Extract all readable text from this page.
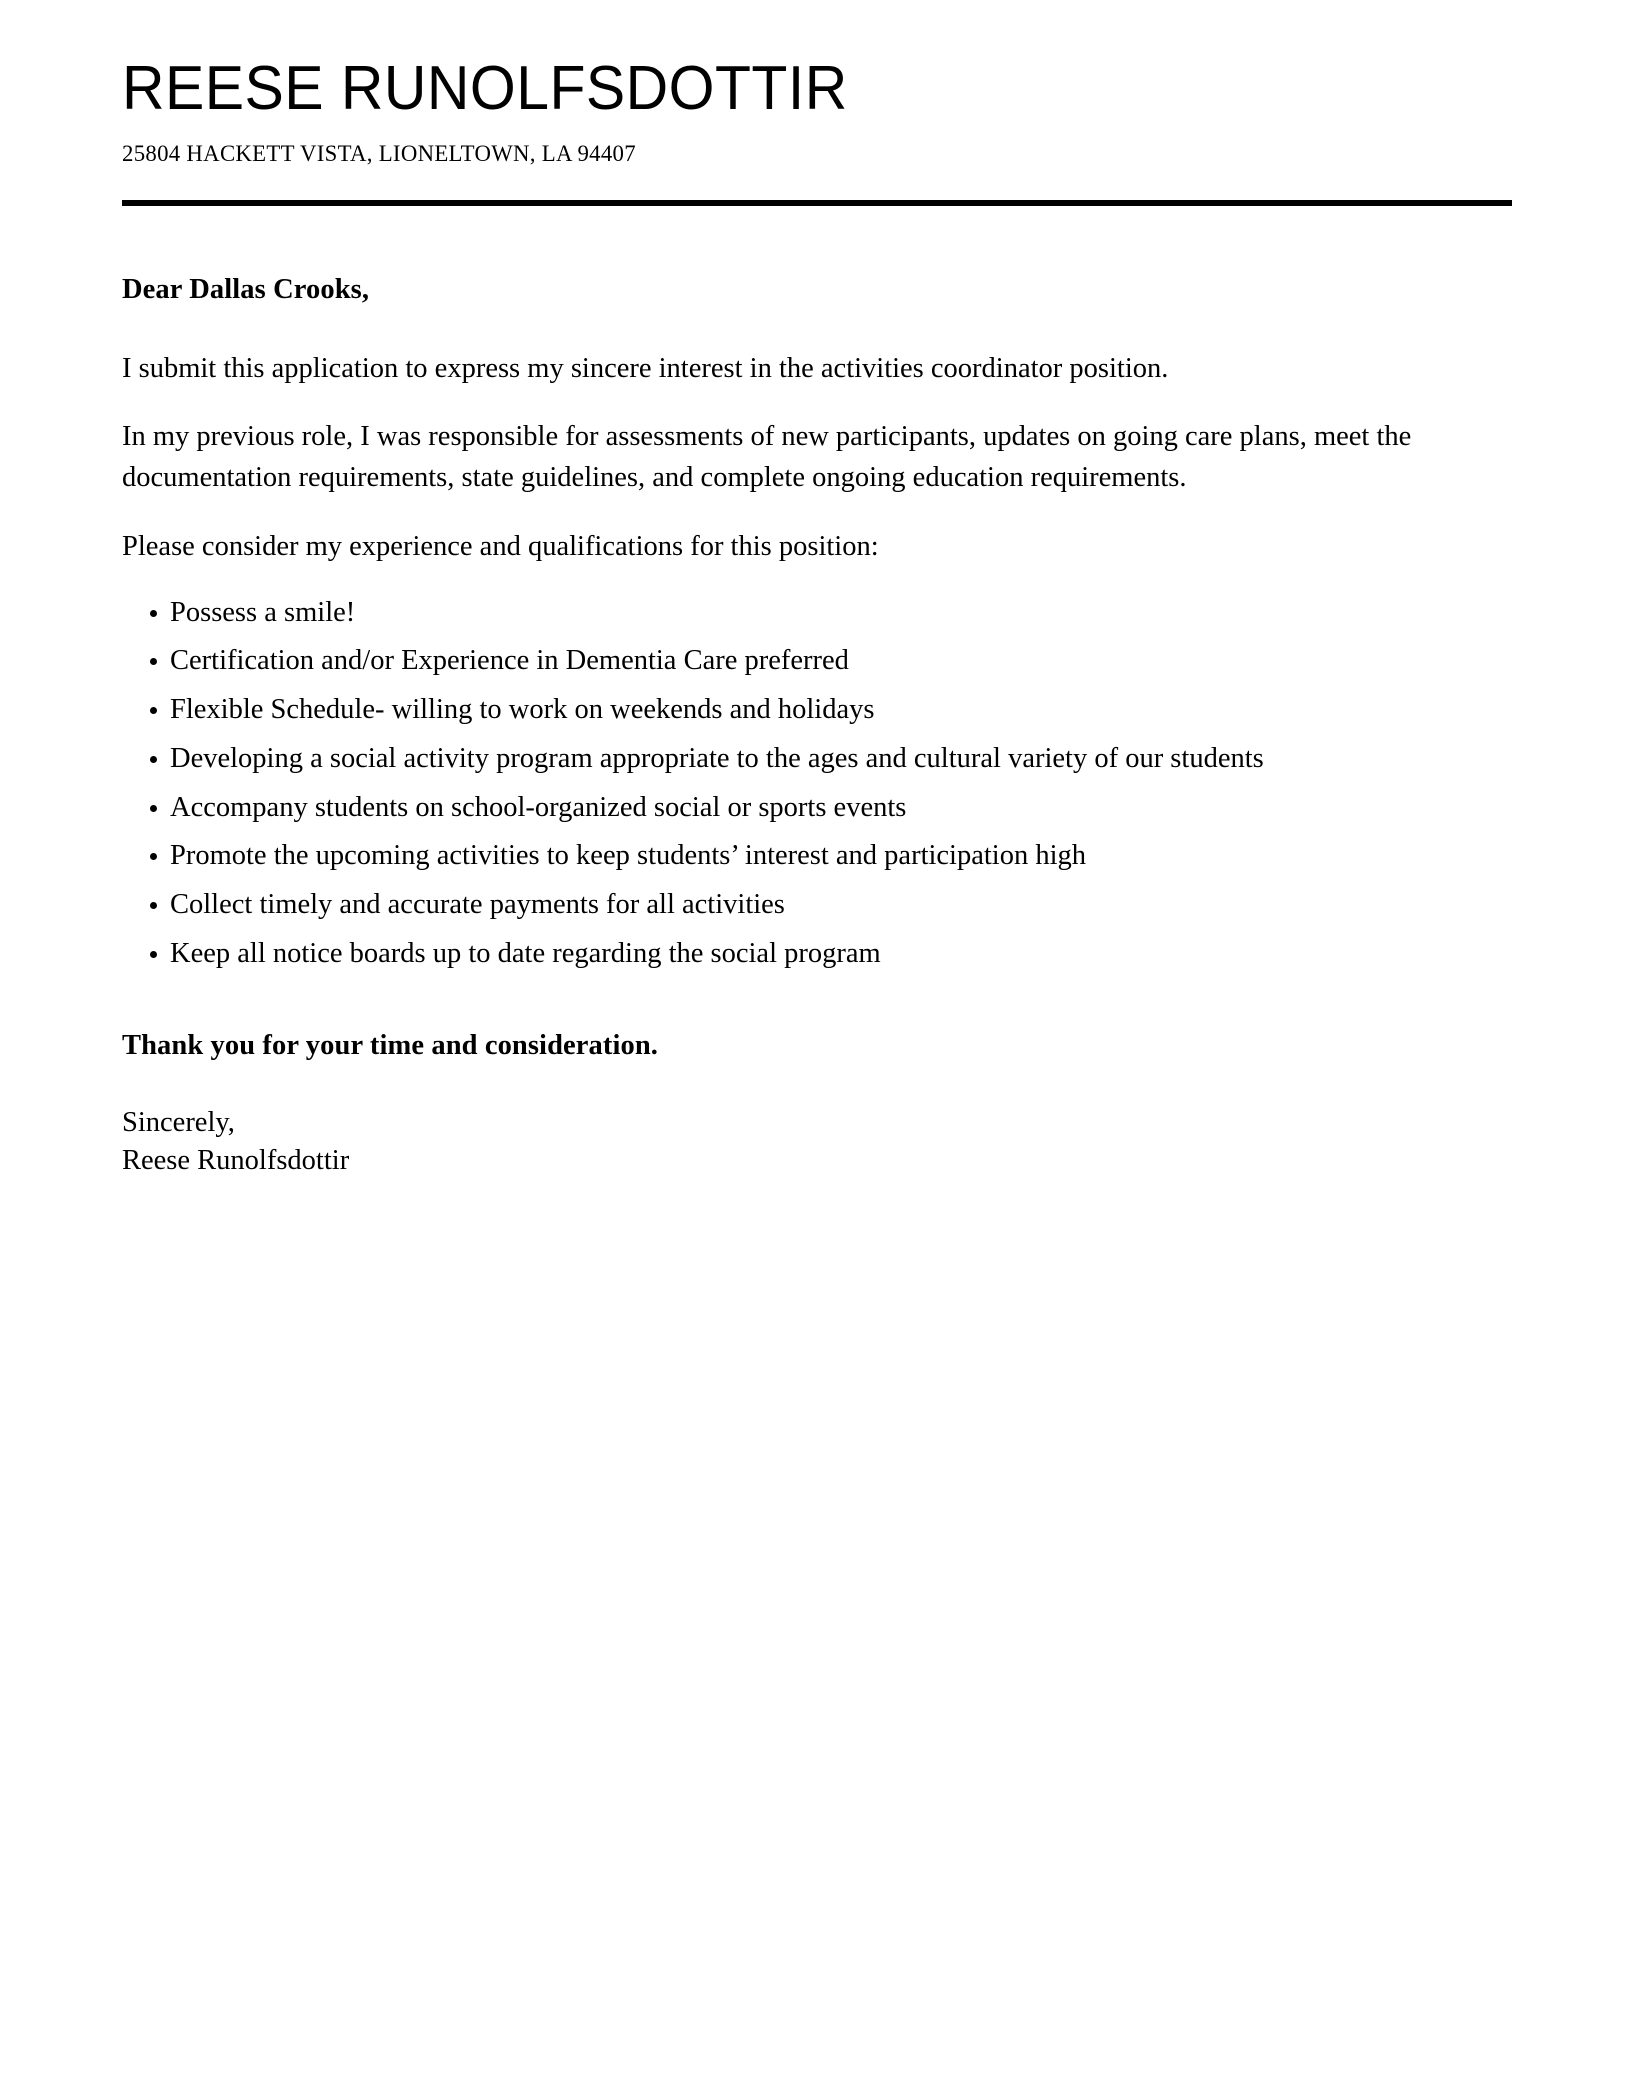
REESE RUNOLFSDOTTIR
25804 HACKETT VISTA, LIONELTOWN, LA 94407

Dear Dallas Crooks,

I submit this application to express my sincere interest in the activities coordinator position.

In my previous role, I was responsible for assessments of new participants, updates on going care plans, meet the documentation requirements, state guidelines, and complete ongoing education requirements.

Please consider my experience and qualifications for this position:

Possess a smile!
Certification and/or Experience in Dementia Care preferred
Flexible Schedule- willing to work on weekends and holidays
Developing a social activity program appropriate to the ages and cultural variety of our students
Accompany students on school-organized social or sports events
Promote the upcoming activities to keep students’ interest and participation high
Collect timely and accurate payments for all activities
Keep all notice boards up to date regarding the social program

Thank you for your time and consideration.

Sincerely,
Reese Runolfsdottir
